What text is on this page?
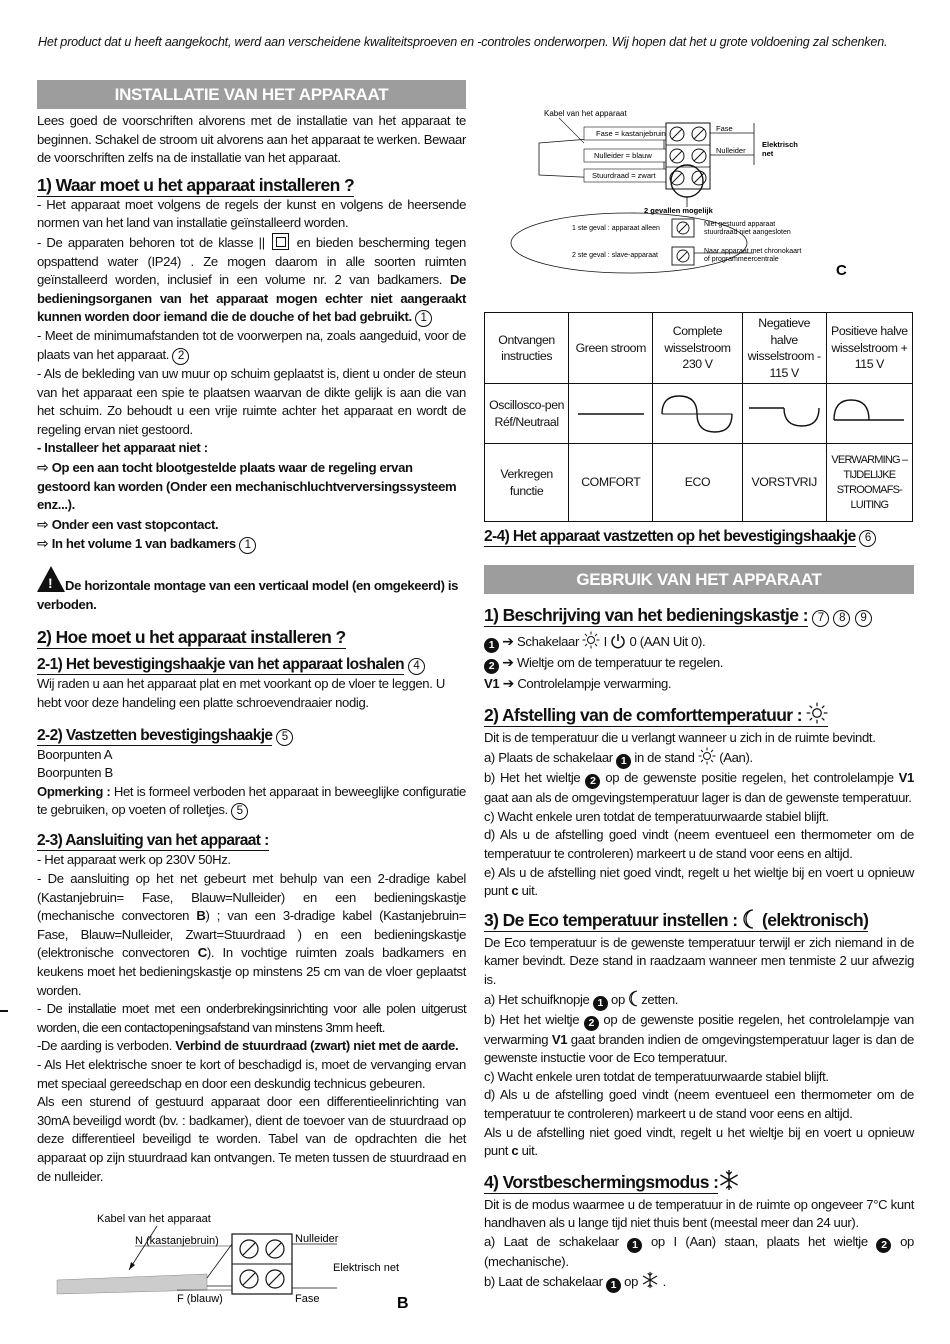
Het product dat u heeft aangekocht, werd aan verscheidene kwaliteitsproeven en -controles onderworpen. Wij hopen dat het u grote voldoening zal schenken.
INSTALLATIE VAN HET APPARAAT

Lees goed de voorschriften alvorens met de installatie van het apparaat te beginnen. Schakel de stroom uit alvorens aan het apparaat te werken. Bewaar de voorschriften zelfs na de installatie van het apparaat.

1) Waar moet u het apparaat installeren ?

- Het apparaat moet volgens de regels der kunst en volgens de heersende normen van het land van installatie geïnstalleerd worden.

- De apparaten behoren tot de klasse || en bieden bescherming tegen opspattend water (IP24) . Ze mogen daarom in alle soorten ruimten geïnstalleerd worden, inclusief in een volume nr. 2 van badkamers. De bedieningsorganen van het apparaat mogen echter niet aangeraakt kunnen worden door iemand die de douche of het bad gebruikt. 1

- Meet de minimumafstanden tot de voorwerpen na, zoals aangeduid, voor de plaats van het apparaat. 2

- Als de bekleding van uw muur op schuim geplaatst is, dient u onder de steun van het apparaat een spie te plaatsen waarvan de dikte gelijk is aan die van het schuim. Zo behoudt u een vrije ruimte achter het apparaat en wordt de regeling ervan niet gestoord.

- Installeer het apparaat niet :

⇨ Op een aan tocht blootgestelde plaats waar de regeling ervan gestoord kan worden (Onder een mechanischluchtverversingssysteem enz...).

⇨ Onder een vast stopcontact.

⇨ In het volume 1 van badkamers 1

!De horizontale montage van een verticaal model (en omgekeerd) is verboden.

2) Hoe moet u het apparaat installeren ?
2-1) Het bevestigingshaakje van het apparaat loshalen 4

Wij raden u aan het apparaat plat en met voorkant op de vloer te leggen. U hebt voor deze handeling een platte schroevendraaier nodig.

2-2) Vastzetten bevestigingshaakje 5

Boorpunten A

Boorpunten B

Opmerking : Het is formeel verboden het apparaat in beweeglijke configuratie te gebruiken, op voeten of rolletjes. 5

2-3) Aansluiting van het apparaat :

- Het apparaat werk op 230V 50Hz.

- De aansluiting op het net gebeurt met behulp van een 2-dradige kabel (Kastanjebruin= Fase, Blauw=Nulleider) en een bedieningskastje (mechanische convectoren B) ; van een 3-dradige kabel (Kastanjebruin= Fase, Blauw=Nulleider, Zwart=Stuurdraad ) en een bedieningskastje (elektronische convectoren C). In vochtige ruimten zoals badkamers en keukens moet het bedieningskastje op minstens 25 cm van de vloer geplaatst worden.

- De installatie moet met een onderbrekingsinrichting voor alle polen uitgerust worden, die een contactopeningsafstand van minstens 3mm heeft.

-De aarding is verboden. Verbind de stuurdraad (zwart) niet met de aarde.

- Als Het elektrische snoer te kort of beschadigd is, moet de vervanging ervan met speciaal gereedschap en door een deskundig technicus gebeuren.

Als een sturend of gestuurd apparaat door een differentieelinrichting van 30mA beveiligd wordt (bv. : badkamer), dient de toevoer van de stuurdraad op deze differentieel beveiligd te worden. Tabel van de opdrachten die het apparaat op zijn stuurdraad kan ontvangen. Te meten tussen de stuurdraad en de nulleider.

Kabel van het apparaat
N (kastanjebruin)
F (blauw)
Nulleider
Elektrisch net
Fase	B
Kabel van het apparaat
Fase = kastanjebruin
Nulleider = blauw
Stuurdraad = zwart
Fase
Nulleider
Elektrisch
net
2 gevallen mogelijk
1 ste geval : apparaat alleen
2 ste geval : slave-apparaat
Niet gestuurd apparaat
stuurdraad niet aangesloten
Naar apparaat met chronokaart
of programmeercentrale
C
Ontvangen instructies	Green stroom	Complete wisselstroom 230 V	Negatieve halve wisselstroom - 115 V	Positieve halve wisselstroom + 115 V
Oscillosco-pen Réf/Neutraal	

Verkregen functie	COMFORT	ECO	VORSTVRIJ	VERWARMING –TIJDELIJKE STROOMAFS-LUITING
2-4) Het apparaat vastzetten op het bevestigingshaakje 6
GEBRUIK VAN HET APPARAAT
1) Beschrijving van het bedieningskastje : 7 8 9

1 ➔ Schakelaar I 0 (AAN Uit 0).

2 ➔ Wieltje om de temperatuur te regelen.

V1 ➔ Controlelampje verwarming.

2) Afstelling van de comforttemperatuur :

Dit is de temperatuur die u verlangt wanneer u zich in de ruimte bevindt.

a) Plaats de schakelaar 1 in de stand (Aan).

b) Het het wieltje 2 op de gewenste positie regelen, het controlelampje V1 gaat aan als de omgevingstemperatuur lager is dan de gewenste temperatuur.

c) Wacht enkele uren totdat de temperatuurwaarde stabiel blijft.

d) Als u de afstelling goed vindt (neem eventueel een thermometer om de temperatuur te controleren) markeert u de stand voor eens en altijd.

e) Als u de afstelling niet goed vindt, regelt u het wieltje bij en voert u opnieuw punt c uit.

3) De Eco temperatuur instellen : (elektronisch)

De Eco temperatuur is de gewenste temperatuur terwijl er zich niemand in de kamer bevindt. Deze stand in raadzaam wanneer men tenmiste 2 uur afwezig is.

a) Het schuifknopje 1 op zetten.

b) Het het wieltje 2 op de gewenste positie regelen, het controlelampje van verwarming V1 gaat branden indien de omgevingstemperatuur lager is dan de gewenste instuctie voor de Eco temperatuur.

c) Wacht enkele uren totdat de temperatuurwaarde stabiel blijft.

d) Als u de afstelling goed vindt (neem eventueel een thermometer om de temperatuur te controleren) markeert u de stand voor eens en altijd.

Als u de afstelling niet goed vindt, regelt u het wieltje bij en voert u opnieuw punt c uit.

4) Vorstbeschermingsmodus :

Dit is de modus waarmee u de temperatuur in de ruimte op ongeveer 7°C kunt handhaven als u lange tijd niet thuis bent (meestal meer dan 24 uur).

a) Laat de schakelaar 1 op I (Aan) staan, plaats het wieltje 2 op (mechanische).

b) Laat de schakelaar 1 op .
